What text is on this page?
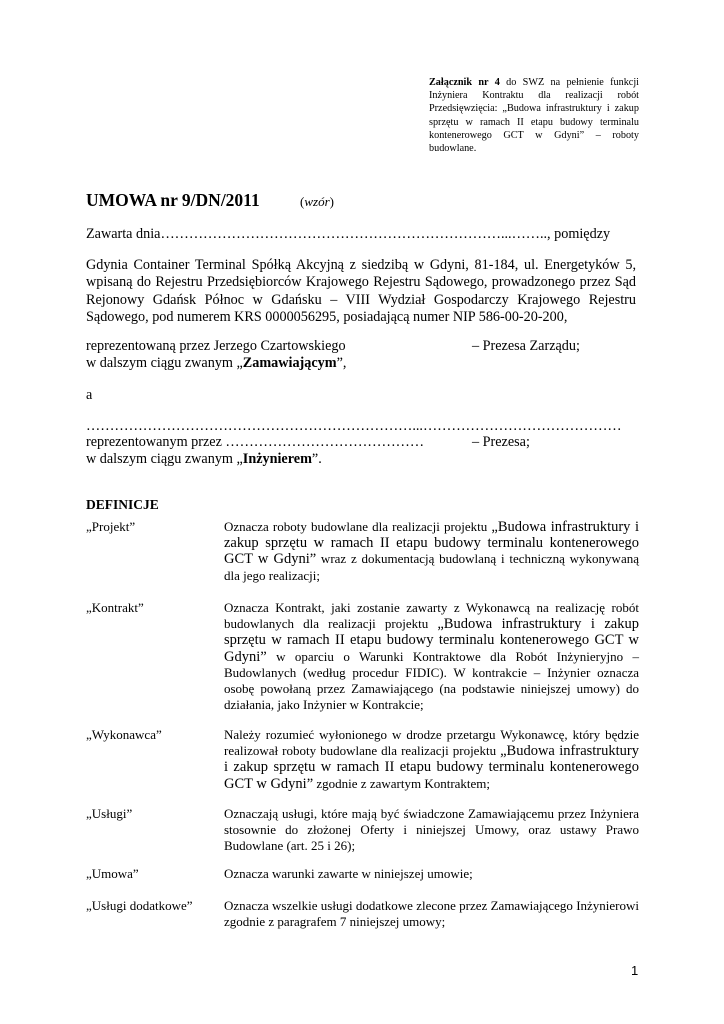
Załącznik nr 4 do SWZ na pełnienie funkcji Inżyniera Kontraktu dla realizacji robót Przedsięwzięcia: „Budowa infrastruktury i zakup sprzętu w ramach II etapu budowy terminalu kontenerowego GCT w Gdyni” – roboty budowlane.
UMOWA nr 9/DN/2011	(wzór)
Zawarta dnia………………………………………………………………...…….., pomiędzy
Gdynia Container Terminal Spółką Akcyjną z siedzibą w Gdyni, 81-184, ul. Energetyków 5, wpisaną do Rejestru Przedsiębiorców Krajowego Rejestru Sądowego, prowadzonego przez Sąd Rejonowy Gdańsk Północ w Gdańsku – VIII Wydział Gospodarczy Krajowego Rejestru Sądowego, pod numerem KRS 0000056295, posiadającą numer NIP 586-00-20-200,
reprezentowaną przez Jerzego Czartowskiego	– Prezesa Zarządu;
w dalszym ciągu zwanym „Zamawiającym”,
a
……………………………………………………………...……………………………………
reprezentowanym przez ……………………………………	– Prezesa;
w dalszym ciągu zwanym „Inżynierem”.
DEFINICJE
„Projekt”	Oznacza roboty budowlane dla realizacji projektu „Budowa infrastruktury i zakup sprzętu w ramach II etapu budowy terminalu kontenerowego GCT w Gdyni” wraz z dokumentacją budowlaną i techniczną wykonywaną dla jego realizacji;
„Kontrakt”	Oznacza Kontrakt, jaki zostanie zawarty z Wykonawcą na realizację robót budowlanych dla realizacji projektu „Budowa infrastruktury i zakup sprzętu w ramach II etapu budowy terminalu kontenerowego GCT w Gdyni” w oparciu o Warunki Kontraktowe dla Robót Inżynieryjno – Budowlanych (według procedur FIDIC). W kontrakcie – Inżynier oznacza osobę powołaną przez Zamawiającego (na podstawie niniejszej umowy) do działania, jako Inżynier w Kontrakcie;
„Wykonawca”	Należy rozumieć wyłonionego w drodze przetargu Wykonawcę, który będzie realizował roboty budowlane dla realizacji projektu „Budowa infrastruktury i zakup sprzętu w ramach II etapu budowy terminalu kontenerowego GCT w Gdyni” zgodnie z zawartym Kontraktem;
„Usługi”	Oznaczają usługi, które mają być świadczone Zamawiającemu przez Inżyniera stosownie do złożonej Oferty i niniejszej Umowy, oraz ustawy Prawo Budowlane (art. 25 i 26);
„Umowa”	Oznacza warunki zawarte w niniejszej umowie;
„Usługi dodatkowe” Oznacza wszelkie usługi dodatkowe zlecone przez Zamawiającego Inżynierowi zgodnie z paragrafem 7 niniejszej umowy;
1
